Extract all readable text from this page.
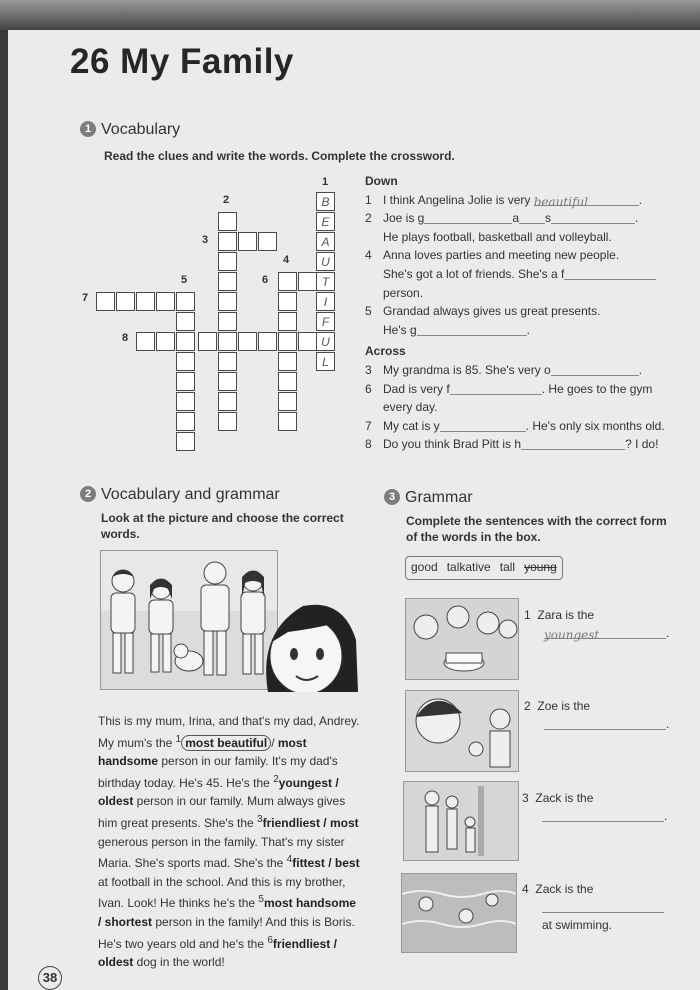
26 My Family
1 Vocabulary
Read the clues and write the words. Complete the crossword.
B
E
A
U
T
I
F
U
L
1
2
3
4
5	6
7
8
Down
1 I think Angelina Jolie is very beautiful	.
2 Joe is g	a s	.
He plays football, basketball and volleyball.
4 Anna loves parties and meeting new people.
She's got a lot of friends. She's a f
person.
5 Grandad always gives us great presents.
He's g	.
Across
3 My grandma is 85. She's very o	.
6 Dad is very f	. He goes to the gym
every day.
7 My cat is y	. He's only six months old.
8 Do you think Brad Pitt is h	? I do!
2 Vocabulary and grammar
Look at the picture and choose the correct words.
This is my mum, Irina, and that's my dad, Andrey. My mum's the $^1$ most beautiful / most handsome person in our family. It's my dad's birthday today. He's 45. He's the $^2$youngest / oldest person in our family. Mum always gives him great presents. She's the $^3$friendliest / most generous person in the family. That's my sister Maria. She's sports mad. She's the $^4$fittest / best at football in the school. And this is my brother, Ivan. Look! He thinks he's the $^5$most handsome / shortest person in the family! And this is Boris. He's two years old and he's the $^6$friendliest / oldest dog in the world!
3 Grammar
Complete the sentences with the correct form of the words in the box.
good talkative tall young
1 Zara is the
youngest	.
2 Zoe is the
.
3 Zack is the
.
4 Zack is the

at swimming.
38
